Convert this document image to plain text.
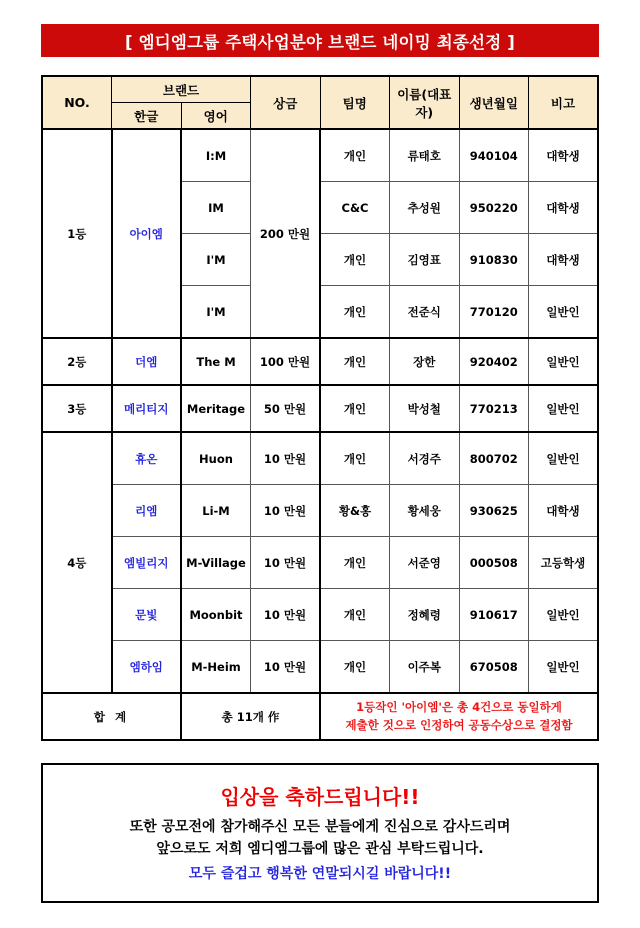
[ 엠디엠그룹 주택사업분야 브랜드 네이밍 최종선정 ]
NO.	브랜드		상금	팀명	이름(대표자)	생년월일	비고
	한글	영어					
1등	아이엠	I:M	200 만원	개인	류태호	940104	대학생
		IM		C&C	추성원	950220	대학생
		I'M		개인	김영표	910830	대학생
		I'M		개인	전준식	770120	일반인
2등	더엠	The M	100 만원	개인	장한	920402	일반인
3등	메리티지	Meritage	50 만원	개인	박성철	770213	일반인
4등	휴온	Huon	10 만원	개인	서경주	800702	일반인
	리엠	Li-M	10 만원	황&홍	황세웅	930625	대학생
	엠빌리지	M-Village	10 만원	개인	서준영	000508	고등학생
	문빛	Moonbit	10 만원	개인	정혜령	910617	일반인
	엠하임	M-Heim	10 만원	개인	이주복	670508	일반인
합 계		총 11개 作		1등작인 '아이엠'은 총 4건으로 동일하게
제출한 것으로 인정하여 공동수상으로 결정함			
입상을 축하드립니다!!
또한 공모전에 참가해주신 모든 분들에게 진심으로 감사드리며
앞으로도 저희 엠디엠그룹에 많은 관심 부탁드립니다.
모두 즐겁고 행복한 연말되시길 바랍니다!!
